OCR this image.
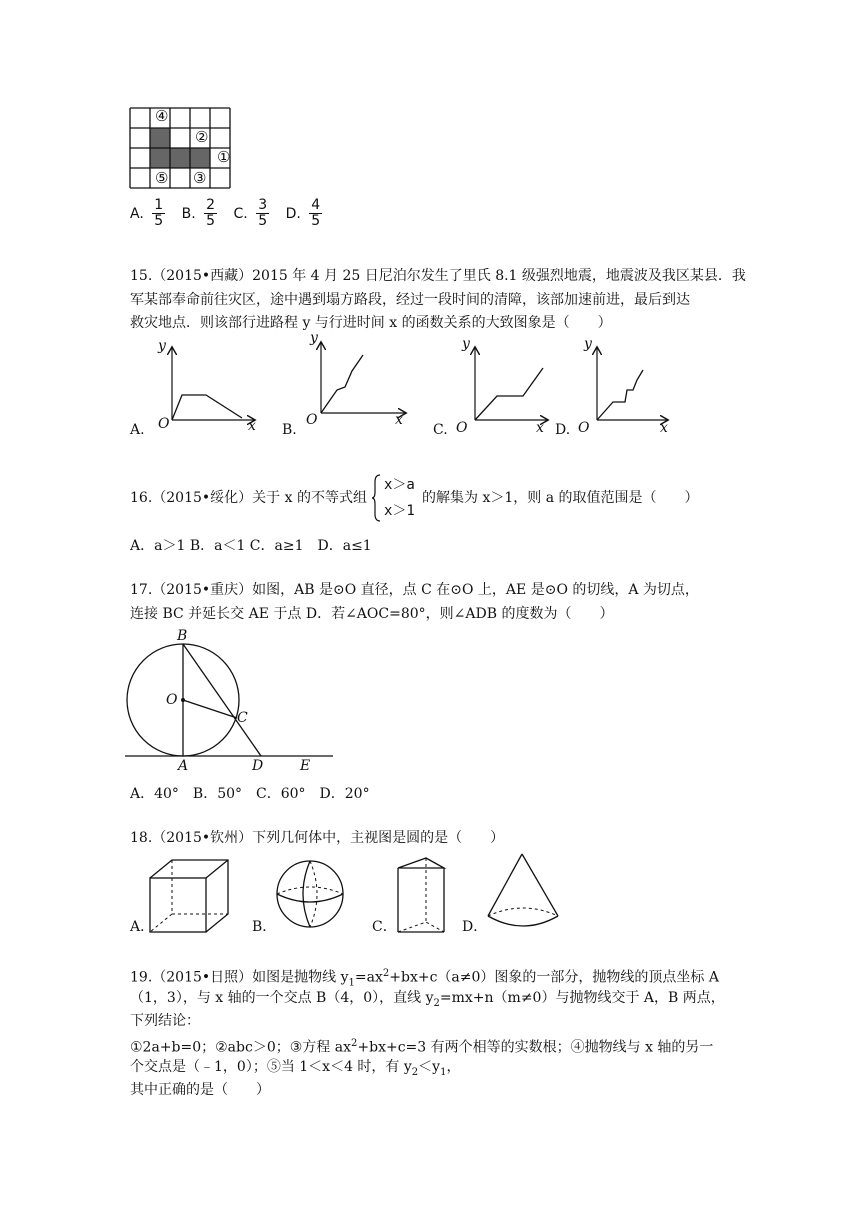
④
②
①
⑤ ③
A. $\frac{1}{5} B$. $\frac{2}{5} C$. $\frac{3}{5} D$. $\frac{4}{5}$
15.（2015•西藏）2015 年 4 月 25 日尼泊尔发生了里氏 8.1 级强烈地震，地震波及我区某县．我
军某部奉命前往灾区，途中遇到塌方路段，经过一段时间的清障，该部加速前进，最后到达
救灾地点．则该部行进路程 y 与行进时间 x 的函数关系的大致图象是（　　）
y
O	x
A.
y
O	x
B.
y
O	x
C.
y
O	x
D.
16.（2015•绥化）关于 x 的不等式组
x＞a
x＞1
的解集为 x＞1，则 a 的取值范围是（　　）
A．a＞1 B．a＜1 C．a≥1　D．a≤1
17.（2015•重庆）如图，AB 是⊙O 直径，点 C 在⊙O 上，AE 是⊙O 的切线，A 为切点，
连接 BC 并延长交 AE 于点 D．若∠AOC=80°，则∠ADB 的度数为（　　）
B
O
C
A	D	E
A．40°　B．50°　C．60°　D．20°
18.（2015•钦州）下列几何体中，主视图是圆的是（　　）
A．	B．	C．	D．
19.（2015•日照）如图是抛物线 $y_1=ax^2+bx+c(a\ne 0)$图象的一部分，抛物线的顶点坐标 A
（1，3），与 x 轴的一个交点 B（4，0），直线 $y_2=mx+n(m\ne 0)$与抛物线交于 A，B 两点，
下列结论：
①2a+b=0；②abc＞0；③方程 $ax^2+bx+c=3$ 有两个相等的实数根；④抛物线与 x 轴的另一
个交点是（﹣1，0）；⑤当 1＜x＜4 时，有 $y_2<y_1$，
其中正确的是（　　）
